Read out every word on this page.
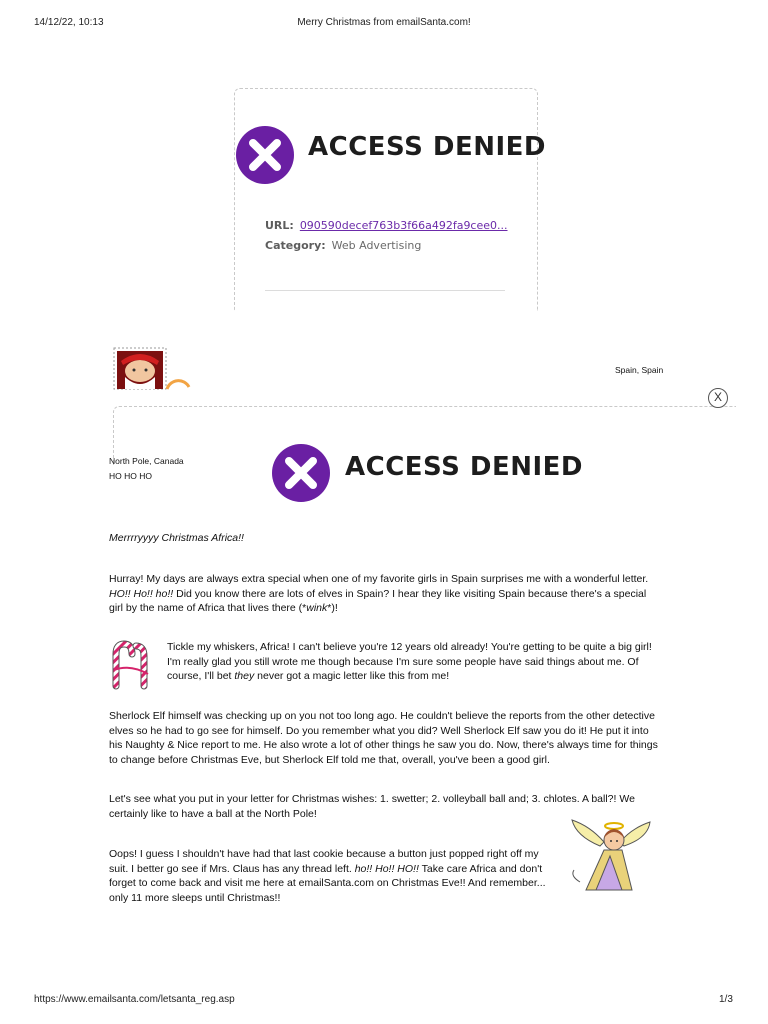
14/12/22, 10:13	Merry Christmas from emailSanta.com!
ACCESS DENIED
URL: 090590decef763b3f66a492fa9cee0...
Category: Web Advertising
Spain, Spain
ACCESS DENIED
X
North Pole, Canada
HO HO HO
Merrrryyyy Christmas Africa!!
Hurray! My days are always extra special when one of my favorite girls in Spain surprises me with a wonderful letter. HO!! Ho!! ho!! Did you know there are lots of elves in Spain? I hear they like visiting Spain because there's a special girl by the name of Africa that lives there (*wink*)!
Tickle my whiskers, Africa! I can't believe you're 12 years old already! You're getting to be quite a big girl! I'm really glad you still wrote me though because I'm sure some people have said things about me. Of course, I'll bet they never got a magic letter like this from me!
Sherlock Elf himself was checking up on you not too long ago. He couldn't believe the reports from the other detective elves so he had to go see for himself. Do you remember what you did? Well Sherlock Elf saw you do it! He put it into his Naughty & Nice report to me. He also wrote a lot of other things he saw you do. Now, there's always time for things to change before Christmas Eve, but Sherlock Elf told me that, overall, you've been a good girl.
Let's see what you put in your letter for Christmas wishes: 1. swetter; 2. volleyball ball and; 3. chlotes. A ball?! We certainly like to have a ball at the North Pole!
Oops! I guess I shouldn't have had that last cookie because a button just popped right off my suit. I better go see if Mrs. Claus has any thread left. ho!! Ho!! HO!! Take care Africa and don't forget to come back and visit me here at emailSanta.com on Christmas Eve!! And remember... only 11 more sleeps until Christmas!!
https://www.emailsanta.com/letsanta_reg.asp	1/3
